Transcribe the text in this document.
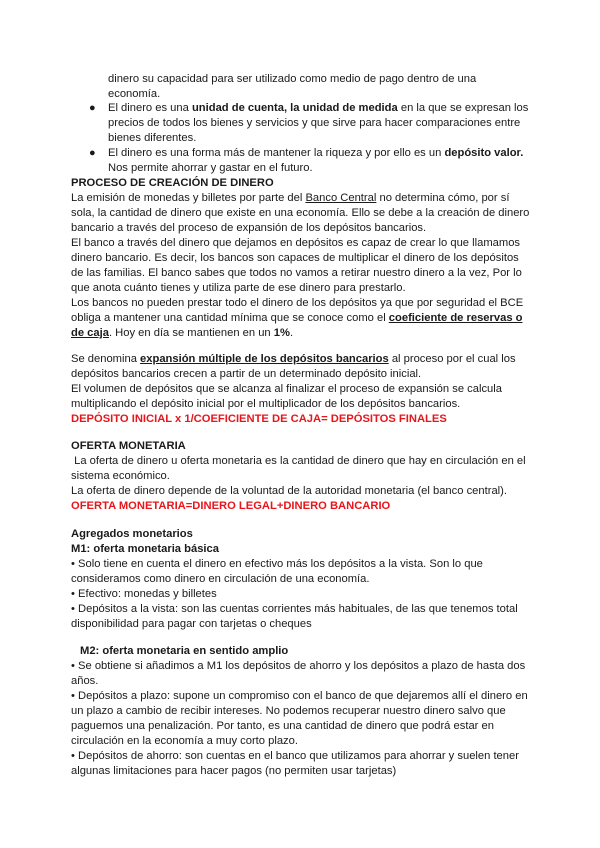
dinero su capacidad para ser utilizado como medio de pago dentro de una
economía.
● El dinero es una unidad de cuenta, la unidad de medida en la que se expresan los
precios de todos los bienes y servicios y que sirve para hacer comparaciones entre
bienes diferentes.
● El dinero es una forma más de mantener la riqueza y por ello es un depósito valor.
Nos permite ahorrar y gastar en el futuro.
PROCESO DE CREACIÓN DE DINERO
La emisión de monedas y billetes por parte del Banco Central no determina cómo, por sí
sola, la cantidad de dinero que existe en una economía. Ello se debe a la creación de dinero
bancario a través del proceso de expansión de los depósitos bancarios.
El banco a través del dinero que dejamos en depósitos es capaz de crear lo que llamamos
dinero bancario. Es decir, los bancos son capaces de multiplicar el dinero de los depósitos
de las familias. El banco sabes que todos no vamos a retirar nuestro dinero a la vez, Por lo
que anota cuánto tienes y utiliza parte de ese dinero para prestarlo.
Los bancos no pueden prestar todo el dinero de los depósitos ya que por seguridad el BCE
obliga a mantener una cantidad mínima que se conoce como el coeficiente de reservas o
de caja. Hoy en día se mantienen en un 1%.
Se denomina expansión múltiple de los depósitos bancarios al proceso por el cual los
depósitos bancarios crecen a partir de un determinado depósito inicial.
El volumen de depósitos que se alcanza al finalizar el proceso de expansión se calcula
multiplicando el depósito inicial por el multiplicador de los depósitos bancarios.
DEPÓSITO INICIAL x 1/COEFICIENTE DE CAJA= DEPÓSITOS FINALES
OFERTA MONETARIA
La oferta de dinero u oferta monetaria es la cantidad de dinero que hay en circulación en el
sistema económico.
La oferta de dinero depende de la voluntad de la autoridad monetaria (el banco central).
OFERTA MONETARIA=DINERO LEGAL+DINERO BANCARIO
Agregados monetarios
M1: oferta monetaria básica
• Solo tiene en cuenta el dinero en efectivo más los depósitos a la vista. Son lo que
consideramos como dinero en circulación de una economía.
• Efectivo: monedas y billetes
• Depósitos a la vista: son las cuentas corrientes más habituales, de las que tenemos total
disponibilidad para pagar con tarjetas o cheques
M2: oferta monetaria en sentido amplio
• Se obtiene si añadimos a M1 los depósitos de ahorro y los depósitos a plazo de hasta dos
años.
• Depósitos a plazo: supone un compromiso con el banco de que dejaremos allí el dinero en
un plazo a cambio de recibir intereses. No podemos recuperar nuestro dinero salvo que
paguemos una penalización. Por tanto, es una cantidad de dinero que podrá estar en
circulación en la economía a muy corto plazo.
• Depósitos de ahorro: son cuentas en el banco que utilizamos para ahorrar y suelen tener
algunas limitaciones para hacer pagos (no permiten usar tarjetas)
